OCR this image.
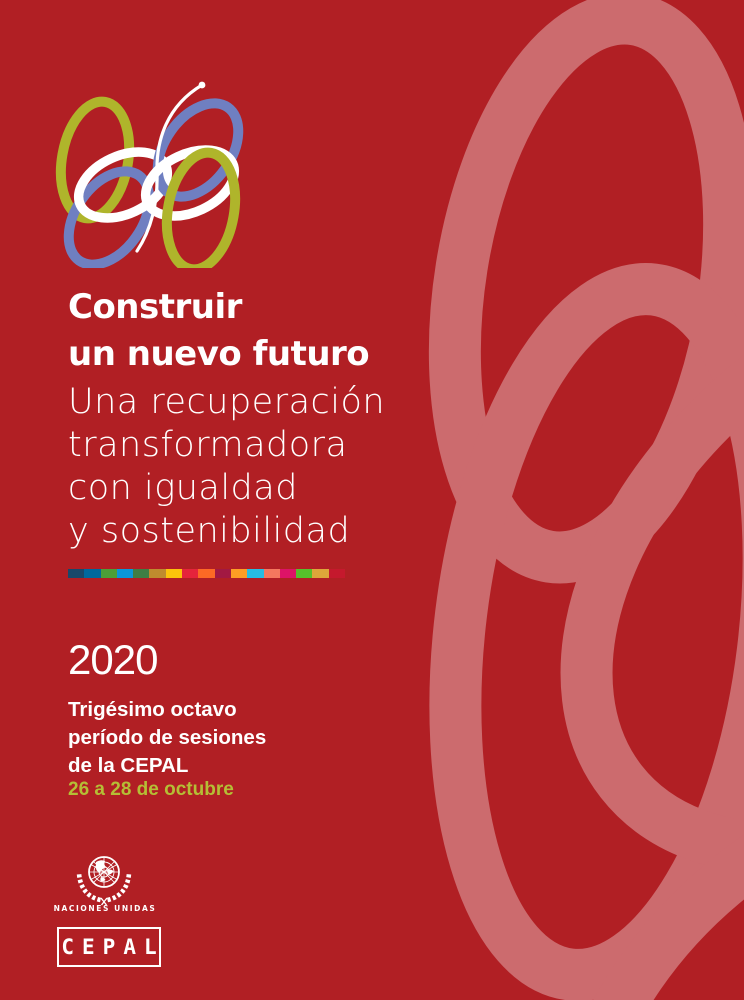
Construir
un nuevo futuro
Una recuperación
transformadora
con igualdad
y sostenibilidad
2020
Trigésimo octavo
período de sesiones
de la CEPAL
26 a 28 de octubre
NACIONES UNIDAS
CEPAL
